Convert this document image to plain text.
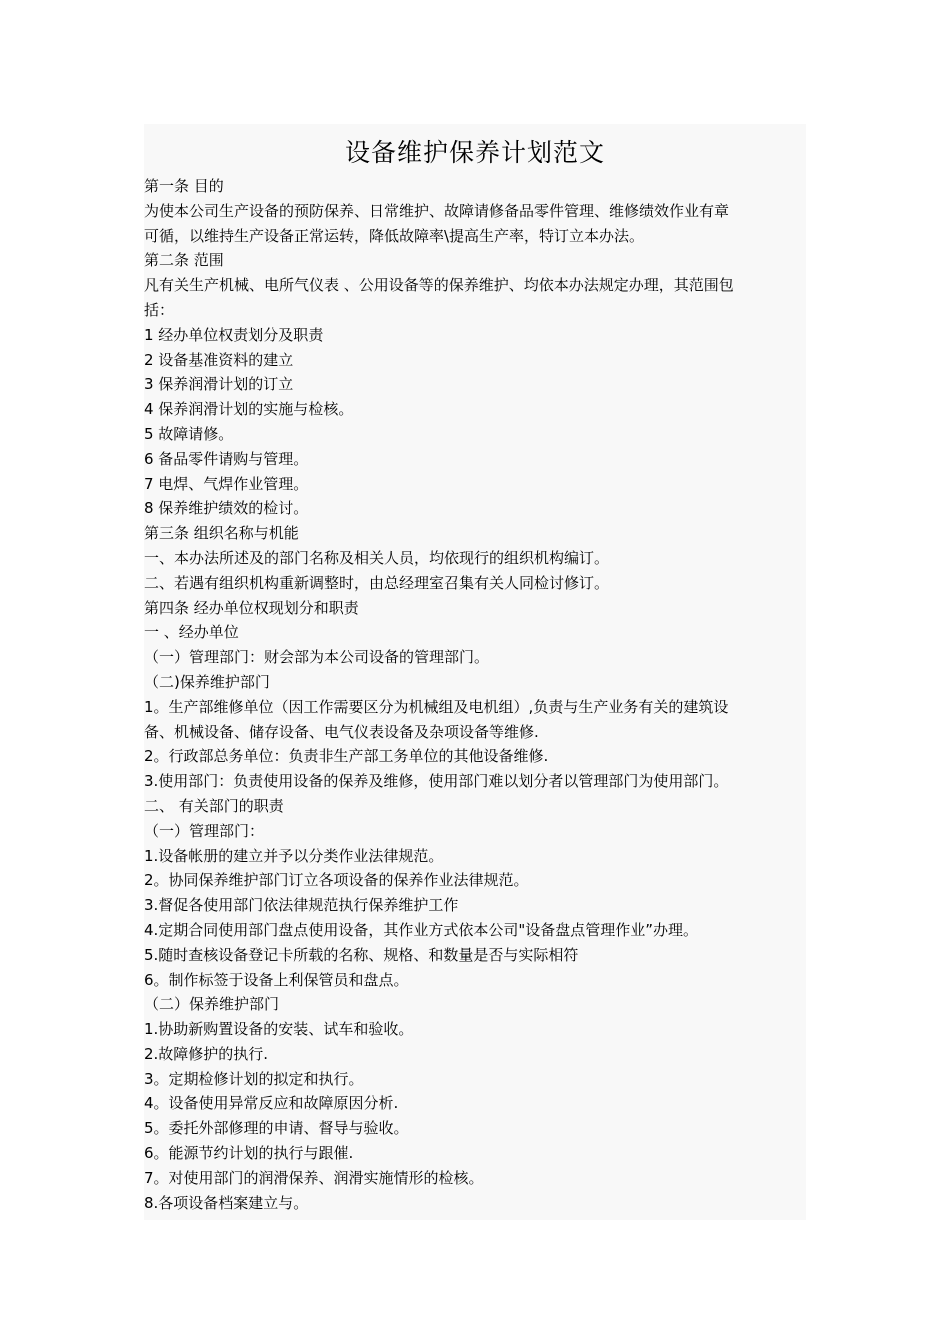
设备维护保养计划范文
第一条 目的
为使本公司生产设备的预防保养、日常维护、故障请修备品零件管理、维修绩效作业有章
可循，以维持生产设备正常运转，降低故障率\提高生产率，特订立本办法。
第二条 范围
凡有关生产机械、电所气仪表 、公用设备等的保养维护、均依本办法规定办理，其范围包
括：
1 经办单位权责划分及职责
2 设备基准资料的建立
3 保养润滑计划的订立
4 保养润滑计划的实施与检核。
5 故障请修。
6 备品零件请购与管理。
7 电焊、气焊作业管理。
8 保养维护绩效的检讨。
第三条 组织名称与机能
一、本办法所述及的部门名称及相关人员，均依现行的组织机构编订。
二、若遇有组织机构重新调整时，由总经理室召集有关人同检讨修订。
第四条 经办单位权现划分和职责
一 、经办单位
（一）管理部门：财会部为本公司设备的管理部门。
（二)保养维护部门
1。生产部维修单位（因工作需要区分为机械组及电机组）,负责与生产业务有关的建筑设
备、机械设备、储存设备、电气仪表设备及杂项设备等维修.
2。行政部总务单位：负责非生产部工务单位的其他设备维修.
3.使用部门：负责使用设备的保养及维修，使用部门难以划分者以管理部门为使用部门。
二、 有关部门的职责
（一）管理部门：
1.设备帐册的建立并予以分类作业法律规范。
2。协同保养维护部门订立各项设备的保养作业法律规范。
3.督促各使用部门依法律规范执行保养维护工作
4.定期合同使用部门盘点使用设备，其作业方式依本公司"设备盘点管理作业”办理。
5.随时查核设备登记卡所载的名称、规格、和数量是否与实际相符
6。制作标签于设备上利保管员和盘点。
（二）保养维护部门
1.协助新购置设备的安装、试车和验收。
2.故障修护的执行.
3。定期检修计划的拟定和执行。
4。设备使用异常反应和故障原因分析.
5。委托外部修理的申请、督导与验收。
6。能源节约计划的执行与跟催.
7。对使用部门的润滑保养、润滑实施情形的检核。
8.各项设备档案建立与。
